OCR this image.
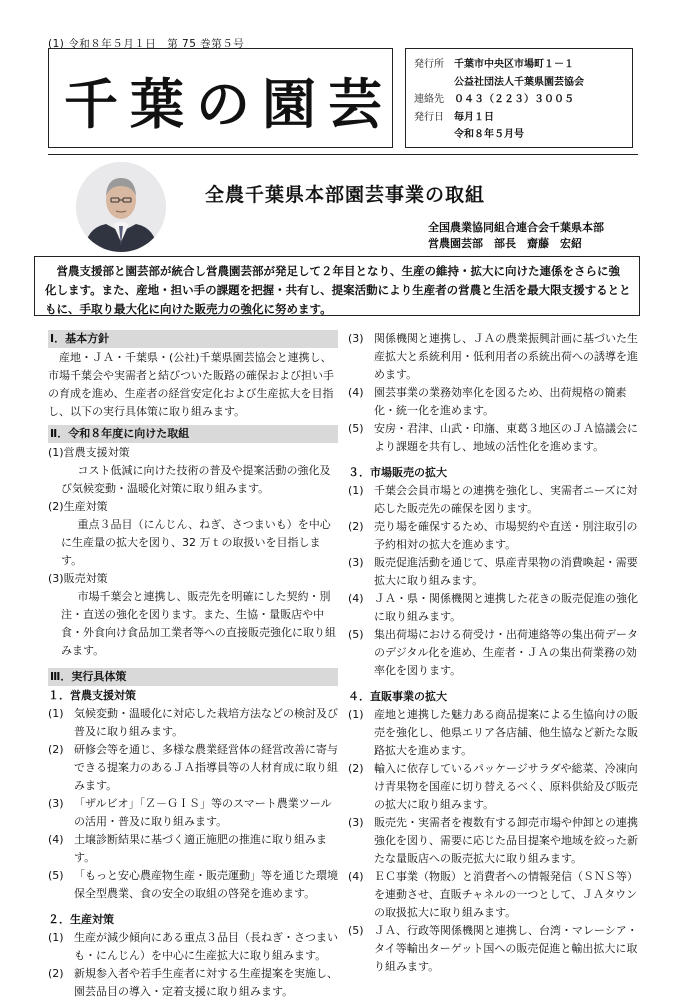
(1) 令和８年５月１日　第 75 巻第５号
千葉の園芸
発行所	千葉市中央区市場町１－１
公益社団法人千葉県園芸協会
連絡先	０４３（２２３）３００５
発行日	毎月１日
令和８年５月号
全農千葉県本部園芸事業の取組
全国農業協同組合連合会千葉県本部
営農園芸部　部長　齋藤　宏紹
営農支援部と園芸部が統合し営農園芸部が発足して２年目となり、生産の維持・拡大に向けた連係をさらに強化します。また、産地・担い手の課題を把握・共有し、提案活動により生産者の営農と生活を最大限支援するとともに、手取り最大化に向けた販売力の強化に努めます。
Ⅰ．基本方針

産地・ＪＡ・千葉県・(公社)千葉県園芸協会と連携し、市場千葉会や実需者と結びついた販路の確保および担い手の育成を進め、生産者の経営安定化および生産拡大を目指し、以下の実行具体策に取り組みます。

Ⅱ．令和８年度に向けた取組

(1)営農支援対策

コスト低減に向けた技術の普及や提案活動の強化及び気候変動・温暖化対策に取り組みます。

(2)生産対策

重点３品目（にんじん、ねぎ、さつまいも）を中心に生産量の拡大を図り、32 万ｔの取扱いを目指します。

(3)販売対策

市場千葉会と連携し、販売先を明確にした契約・別注・直送の強化を図ります。また、生協・量販店や中食・外食向け食品加工業者等への直接販売強化に取り組みます。

Ⅲ．実行具体策
１．営農支援対策
(1) 気候変動・温暖化に対応した栽培方法などの検討及び普及に取り組みます。
(2) 研修会等を通じ、多様な農業経営体の経営改善に寄与できる提案力のあるＪＡ指導員等の人材育成に取り組みます。
(3) 「ザルビオ」「Ｚ－ＧＩＳ」等のスマート農業ツールの活用・普及に取り組みます。
(4) 土壌診断結果に基づく適正施肥の推進に取り組みます。
(5) 「もっと安心農産物生産・販売運動」等を通じた環境保全型農業、食の安全の取組の啓発を進めます。
２．生産対策
(1) 生産が減少傾向にある重点３品目（長ねぎ・さつまいも・にんじん）を中心に生産拡大に取り組みます。
(2) 新規参入者や若手生産者に対する生産提案を実施し、園芸品目の導入・定着支援に取り組みます。
(3) 関係機関と連携し、ＪＡの農業振興計画に基づいた生産拡大と系統利用・低利用者の系統出荷への誘導を進めます。
(4) 園芸事業の業務効率化を図るため、出荷規格の簡素化・統一化を進めます。
(5) 安房・君津、山武・印旛、東葛３地区のＪＡ協議会により課題を共有し、地域の活性化を進めます。
３．市場販売の拡大
(1) 千葉会会員市場との連携を強化し、実需者ニーズに対応した販売先の確保を図ります。
(2) 売り場を確保するため、市場契約や直送・別注取引の予約相対の拡大を進めます。
(3) 販売促進活動を通じて、県産青果物の消費喚起・需要拡大に取り組みます。
(4) ＪＡ・県・関係機関と連携した花きの販売促進の強化に取り組みます。
(5) 集出荷場における荷受け・出荷連絡等の集出荷データのデジタル化を進め、生産者・ＪＡの集出荷業務の効率化を図ります。
４．直販事業の拡大
(1) 産地と連携した魅力ある商品提案による生協向けの販売を強化し、他県エリア各店舗、他生協など新たな販路拡大を進めます。
(2) 輸入に依存しているパッケージサラダや総菜、冷凍向け青果物を国産に切り替えるべく、原料供給及び販売の拡大に取り組みます。
(3) 販売先・実需者を複数有する卸売市場や仲卸との連携強化を図り、需要に応じた品目提案や地域を絞った新たな量販店への販売拡大に取り組みます。
(4) ＥＣ事業（物販）と消費者への情報発信（ＳＮＳ等）を連動させ、直販チャネルの一つとして、ＪＡタウンの取扱拡大に取り組みます。
(5) ＪＡ、行政等関係機関と連携し、台湾・マレーシア・タイ等輸出ターゲット国への販売促進と輸出拡大に取り組みます。
